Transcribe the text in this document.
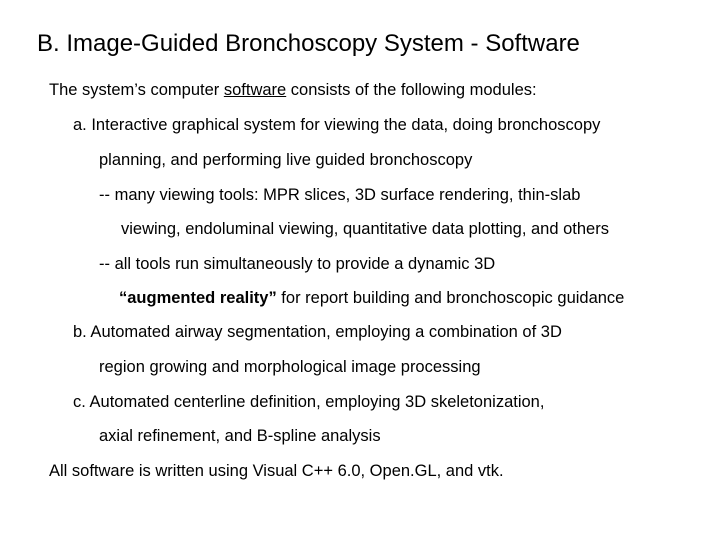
B. Image-Guided Bronchoscopy System - Software
The system’s computer software consists of the following modules:
a. Interactive graphical system for viewing the data, doing bronchoscopy
planning, and performing live guided bronchoscopy
-- many viewing tools: MPR slices, 3D surface rendering, thin-slab
viewing, endoluminal viewing, quantitative data plotting, and others
-- all tools run simultaneously to provide a dynamic 3D
“augmented reality” for report building and bronchoscopic guidance
b. Automated airway segmentation, employing a combination of 3D
region growing and morphological image processing
c. Automated centerline definition, employing 3D skeletonization,
axial refinement, and B-spline analysis
All software is written using Visual C++ 6.0, Open.GL, and vtk.
